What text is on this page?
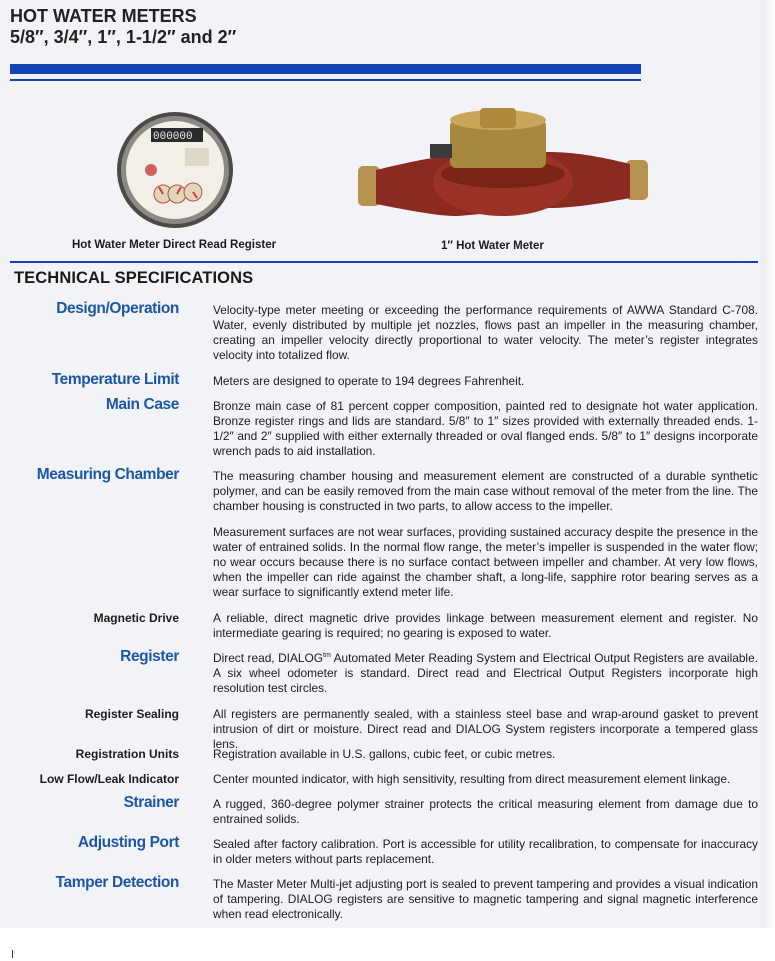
HOT WATER METERS
5/8″, 3/4″, 1″, 1-1/2″ and 2″
000000
Hot Water Meter Direct Read Register	1″ Hot Water Meter
TECHNICAL SPECIFICATIONS
Design/Operation	Velocity-type meter meeting or exceeding the performance requirements of AWWA Standard C-708. Water, evenly distributed by multiple jet nozzles, flows past an impeller in the measuring chamber, creating an impeller velocity directly proportional to water velocity. The meter’s register integrates velocity into totalized flow.
Temperature Limit	Meters are designed to operate to 194 degrees Fahrenheit.
Main Case	Bronze main case of 81 percent copper composition, painted red to designate hot water application. Bronze register rings and lids are standard. 5/8″ to 1″ sizes provided with externally threaded ends. 1-1/2″ and 2″ supplied with either externally threaded or oval flanged ends. 5/8″ to 1″ designs incorporate wrench pads to aid installation.
Measuring Chamber	The measuring chamber housing and measurement element are constructed of a durable synthetic polymer, and can be easily removed from the main case without removal of the meter from the line. The chamber housing is constructed in two parts, to allow access to the impeller.
Measurement surfaces are not wear surfaces, providing sustained accuracy despite the presence in the water of entrained solids. In the normal flow range, the meter’s impeller is suspended in the water flow; no wear occurs because there is no surface contact between impeller and chamber. At very low flows, when the impeller can ride against the chamber shaft, a long-life, sapphire rotor bearing serves as a wear surface to significantly extend meter life.
Magnetic Drive	A reliable, direct magnetic drive provides linkage between measurement element and register. No intermediate gearing is required; no gearing is exposed to water.
Register	Direct read, $DIALOG^{tm}$ Automated Meter Reading System and Electrical Output Registers are available. A six wheel odometer is standard. Direct read and Electrical Output Registers incorporate high resolution test circles.
Register Sealing	All registers are permanently sealed, with a stainless steel base and wrap-around gasket to prevent intrusion of dirt or moisture. Direct read and DIALOG System registers incorporate a tempered glass lens.
Registration Units	Registration available in U.S. gallons, cubic feet, or cubic metres.
Low Flow/Leak Indicator	Center mounted indicator, with high sensitivity, resulting from direct measurement element linkage.
Strainer	A rugged, 360-degree polymer strainer protects the critical measuring element from damage due to entrained solids.
Adjusting Port	Sealed after factory calibration. Port is accessible for utility recalibration, to compensate for inaccuracy in older meters without parts replacement.
Tamper Detection	The Master Meter Multi-jet adjusting port is sealed to prevent tampering and provides a visual indication of tampering. DIALOG registers are sensitive to magnetic tampering and signal magnetic interference when read electronically.
